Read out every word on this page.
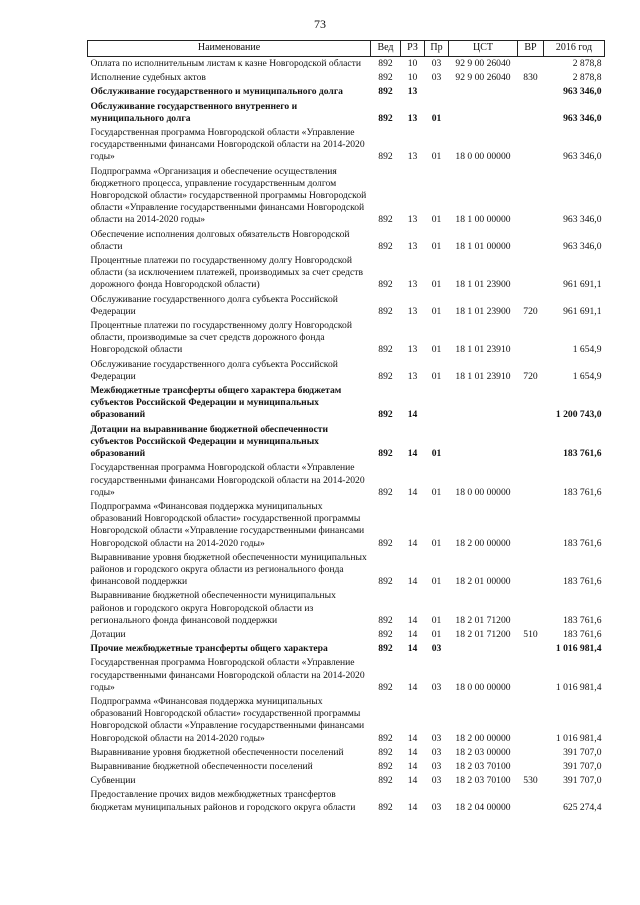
73
Наименование	Вед	РЗ	Пр	ЦСТ	ВР	2016 год
Оплата по исполнительным листам к казне Новгородской области	892	10	03	92 9 00 26040		2 878,8
Исполнение судебных актов	892	10	03	92 9 00 26040	830	2 878,8
Обслуживание государственного и муниципального долга	892	13				963 346,0
Обслуживание государственного внутреннего и муниципального долга	892	13	01			963 346,0
Государственная программа Новгородской области «Управление государственными финансами Новгородской области на 2014-2020 годы»	892	13	01	18 0 00 00000		963 346,0
Подпрограмма «Организация и обеспечение осуществления бюджетного процесса, управление государственным долгом Новгородской области» государственной программы Новгородской области «Управление государственными финансами Новгородской области на 2014-2020 годы»	892	13	01	18 1 00 00000		963 346,0
Обеспечение исполнения долговых обязательств Новгородской области	892	13	01	18 1 01 00000		963 346,0
Процентные платежи по государственному долгу Новгородской области (за исключением платежей, производимых за счет средств дорожного фонда Новгородской области)	892	13	01	18 1 01 23900		961 691,1
Обслуживание государственного долга субъекта Российской Федерации	892	13	01	18 1 01 23900	720	961 691,1
Процентные платежи по государственному долгу Новгородской области, производимые за счет средств дорожного фонда Новгородской области	892	13	01	18 1 01 23910		1 654,9
Обслуживание государственного долга субъекта Российской Федерации	892	13	01	18 1 01 23910	720	1 654,9
Межбюджетные трансферты общего характера бюджетам субъектов Российской Федерации и муниципальных образований	892	14				1 200 743,0
Дотации на выравнивание бюджетной обеспеченности субъектов Российской Федерации и муниципальных образований	892	14	01			183 761,6
Государственная программа Новгородской области «Управление государственными финансами Новгородской области на 2014-2020 годы»	892	14	01	18 0 00 00000		183 761,6
Подпрограмма «Финансовая поддержка муниципальных образований Новгородской области» государственной программы Новгородской области «Управление государственными финансами Новгородской области на 2014-2020 годы»	892	14	01	18 2 00 00000		183 761,6
Выравнивание уровня бюджетной обеспеченности муниципальных районов и городского округа области из регионального фонда финансовой поддержки	892	14	01	18 2 01 00000		183 761,6
Выравнивание бюджетной обеспеченности муниципальных районов и городского округа Новгородской области из регионального фонда финансовой поддержки	892	14	01	18 2 01 71200		183 761,6
Дотации	892	14	01	18 2 01 71200	510	183 761,6
Прочие межбюджетные трансферты общего характера	892	14	03			1 016 981,4
Государственная программа Новгородской области «Управление государственными финансами Новгородской области на 2014-2020 годы»	892	14	03	18 0 00 00000		1 016 981,4
Подпрограмма «Финансовая поддержка муниципальных образований Новгородской области» государственной программы Новгородской области «Управление государственными финансами Новгородской области на 2014-2020 годы»	892	14	03	18 2 00 00000		1 016 981,4
Выравнивание уровня бюджетной обеспеченности поселений	892	14	03	18 2 03 00000		391 707,0
Выравнивание бюджетной обеспеченности поселений	892	14	03	18 2 03 70100		391 707,0
Субвенции	892	14	03	18 2 03 70100	530	391 707,0
Предоставление прочих видов межбюджетных трансфертов бюджетам муниципальных районов и городского округа области	892	14	03	18 2 04 00000		625 274,4
